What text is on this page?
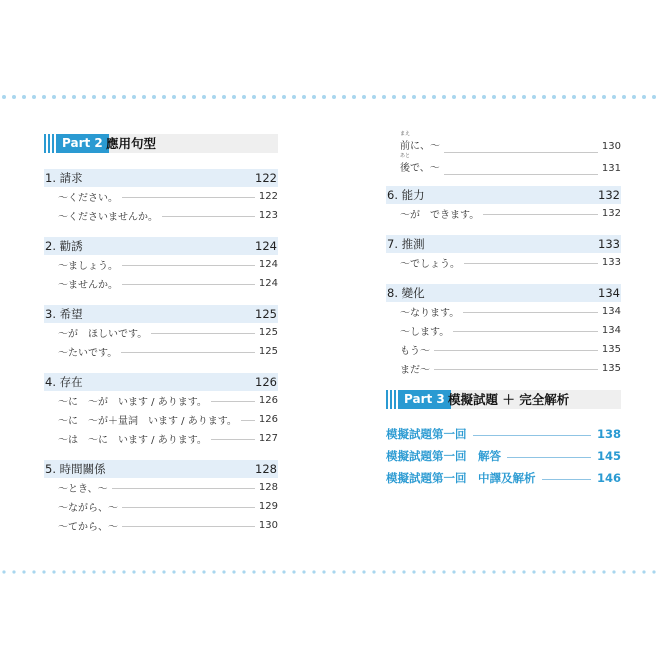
Part 2 應用句型
1. 請求	122
～ください。	122
～くださいませんか。	123
2. 勸誘	124
～ましょう。	124
～ませんか。	124
3. 希望	125
～が　ほしいです。	125
～たいです。	125
4. 存在	126
～に　～が　います / あります。	126
～に　～が＋量詞　います / あります。 126
～は　～に　います / あります。	127
5. 時間關係	128
～とき、～	128
～ながら、～	129
～てから、～	130
まえ
前に、～	130
あと
後で、～	131
6. 能力	132
～が　できます。	132
7. 推測	133
～でしょう。	133
8. 變化	134
～なります。	134
～します。	134
もう～	135
まだ～	135
Part 3 模擬試題 ＋ 完全解析
模擬試題第一回	138
模擬試題第一回　解答	145
模擬試題第一回　中譯及解析	146
